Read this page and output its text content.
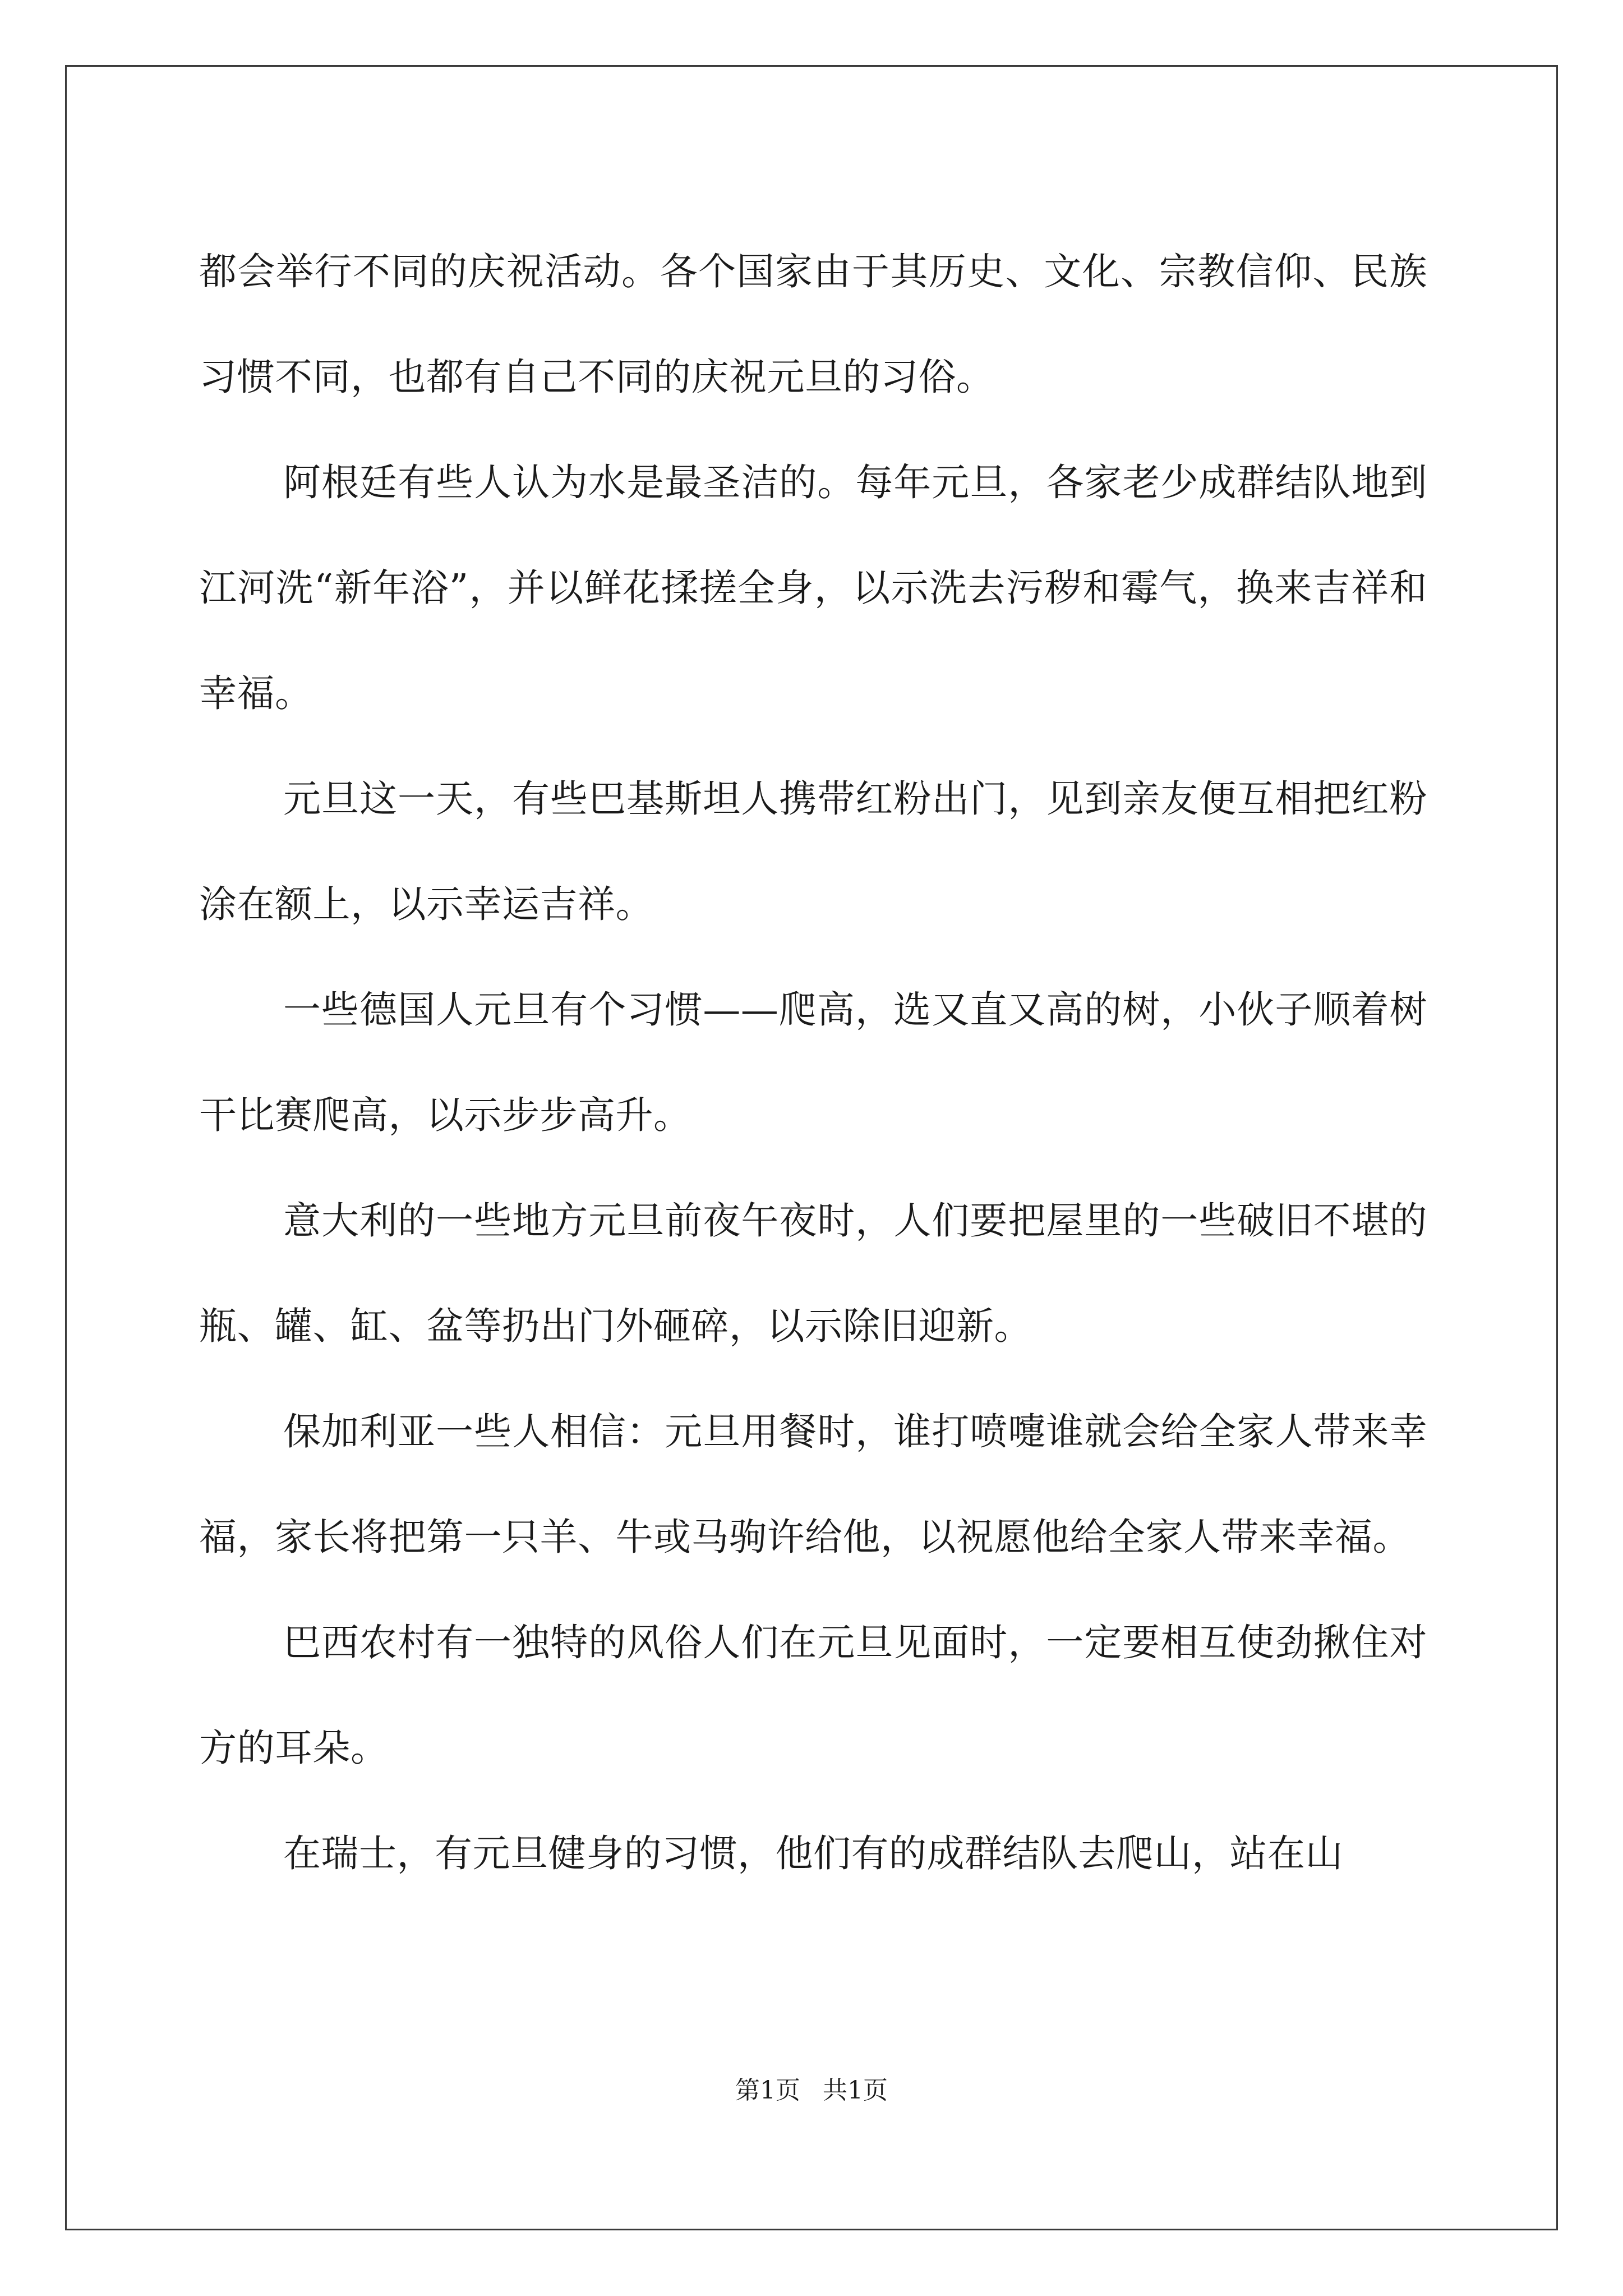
都会举行不同的庆祝活动。各个国家由于其历史、文化、宗教信仰、民族习惯不同，也都有自己不同的庆祝元旦的习俗。

阿根廷有些人认为水是最圣洁的。每年元旦，各家老少成群结队地到江河洗“新年浴”，并以鲜花揉搓全身，以示洗去污秽和霉气，换来吉祥和幸福。

元旦这一天，有些巴基斯坦人携带红粉出门，见到亲友便互相把红粉涂在额上，以示幸运吉祥。

一些德国人元旦有个习惯——爬高，选又直又高的树，小伙子顺着树干比赛爬高，以示步步高升。

意大利的一些地方元旦前夜午夜时，人们要把屋里的一些破旧不堪的瓶、罐、缸、盆等扔出门外砸碎，以示除旧迎新。

保加利亚一些人相信：元旦用餐时，谁打喷嚏谁就会给全家人带来幸福，家长将把第一只羊、牛或马驹许给他，以祝愿他给全家人带来幸福。

巴西农村有一独特的风俗人们在元旦见面时，一定要相互使劲揪住对方的耳朵。

在瑞士，有元旦健身的习惯，他们有的成群结队去爬山，站在山

第1页 共1页
